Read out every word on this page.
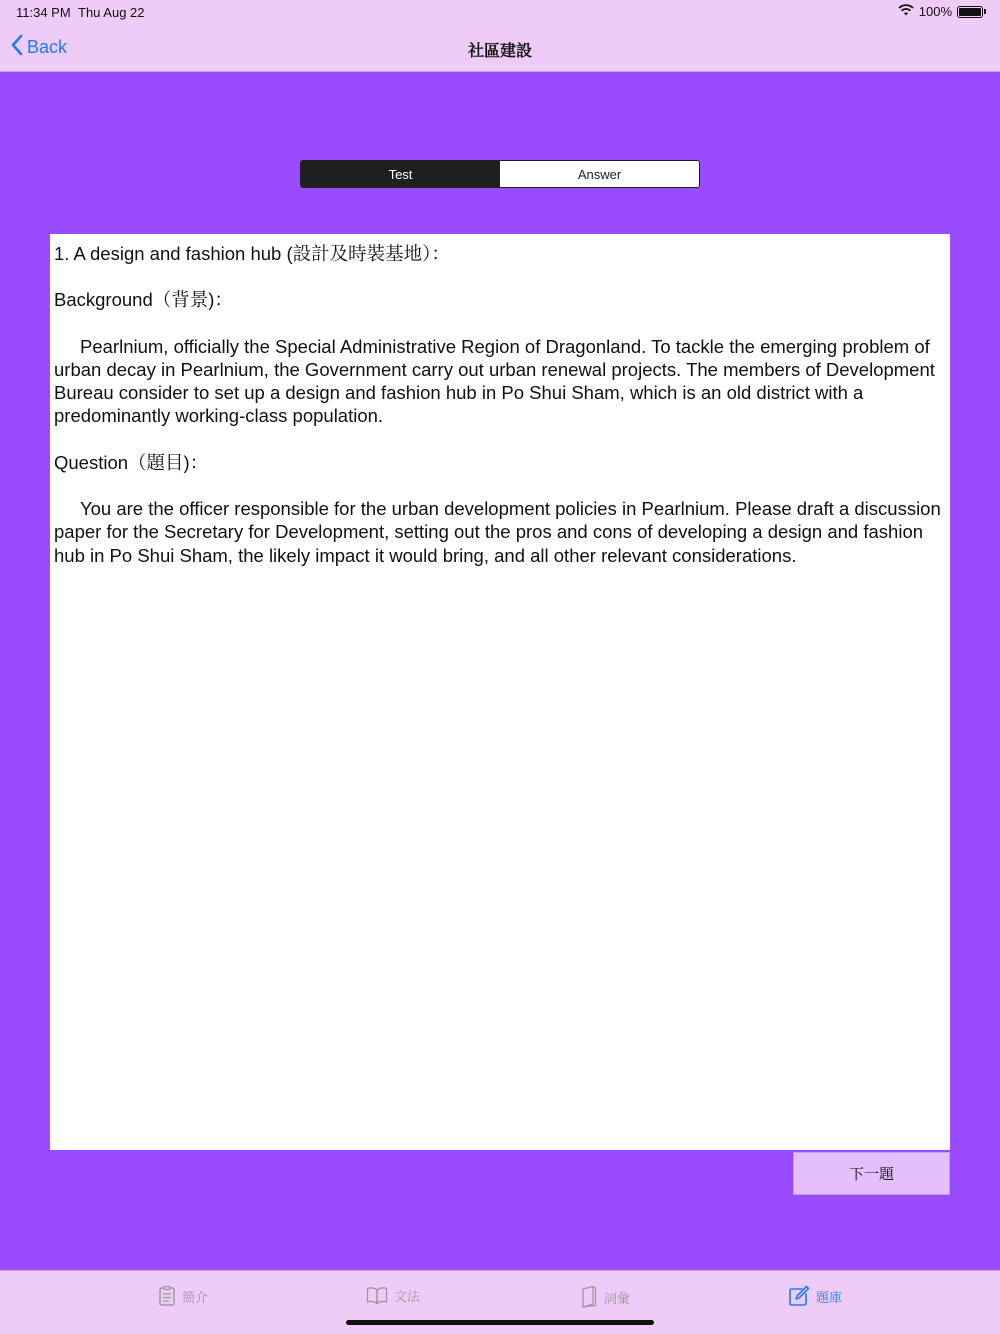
11:34 PM Thu Aug 22	100%
Back	社區建設
Test	Answer

1. A design and fashion hub (設計及時裝基地）：

Background（背景)：

Pearlnium, officially the Special Administrative Region of Dragonland. To tackle the emerging problem of urban decay in Pearlnium, the Government carry out urban renewal projects. The members of Development Bureau consider to set up a design and fashion hub in Po Shui Sham, which is an old district with a predominantly working-class population.

Question（題目)：

You are the officer responsible for the urban development policies in Pearlnium. Please draft a discussion paper for the Secretary for Development, setting out the pros and cons of developing a design and fashion hub in Po Shui Sham, the likely impact it would bring, and all other relevant considerations.

下一題
簡介	文法	詞彙	題庫
